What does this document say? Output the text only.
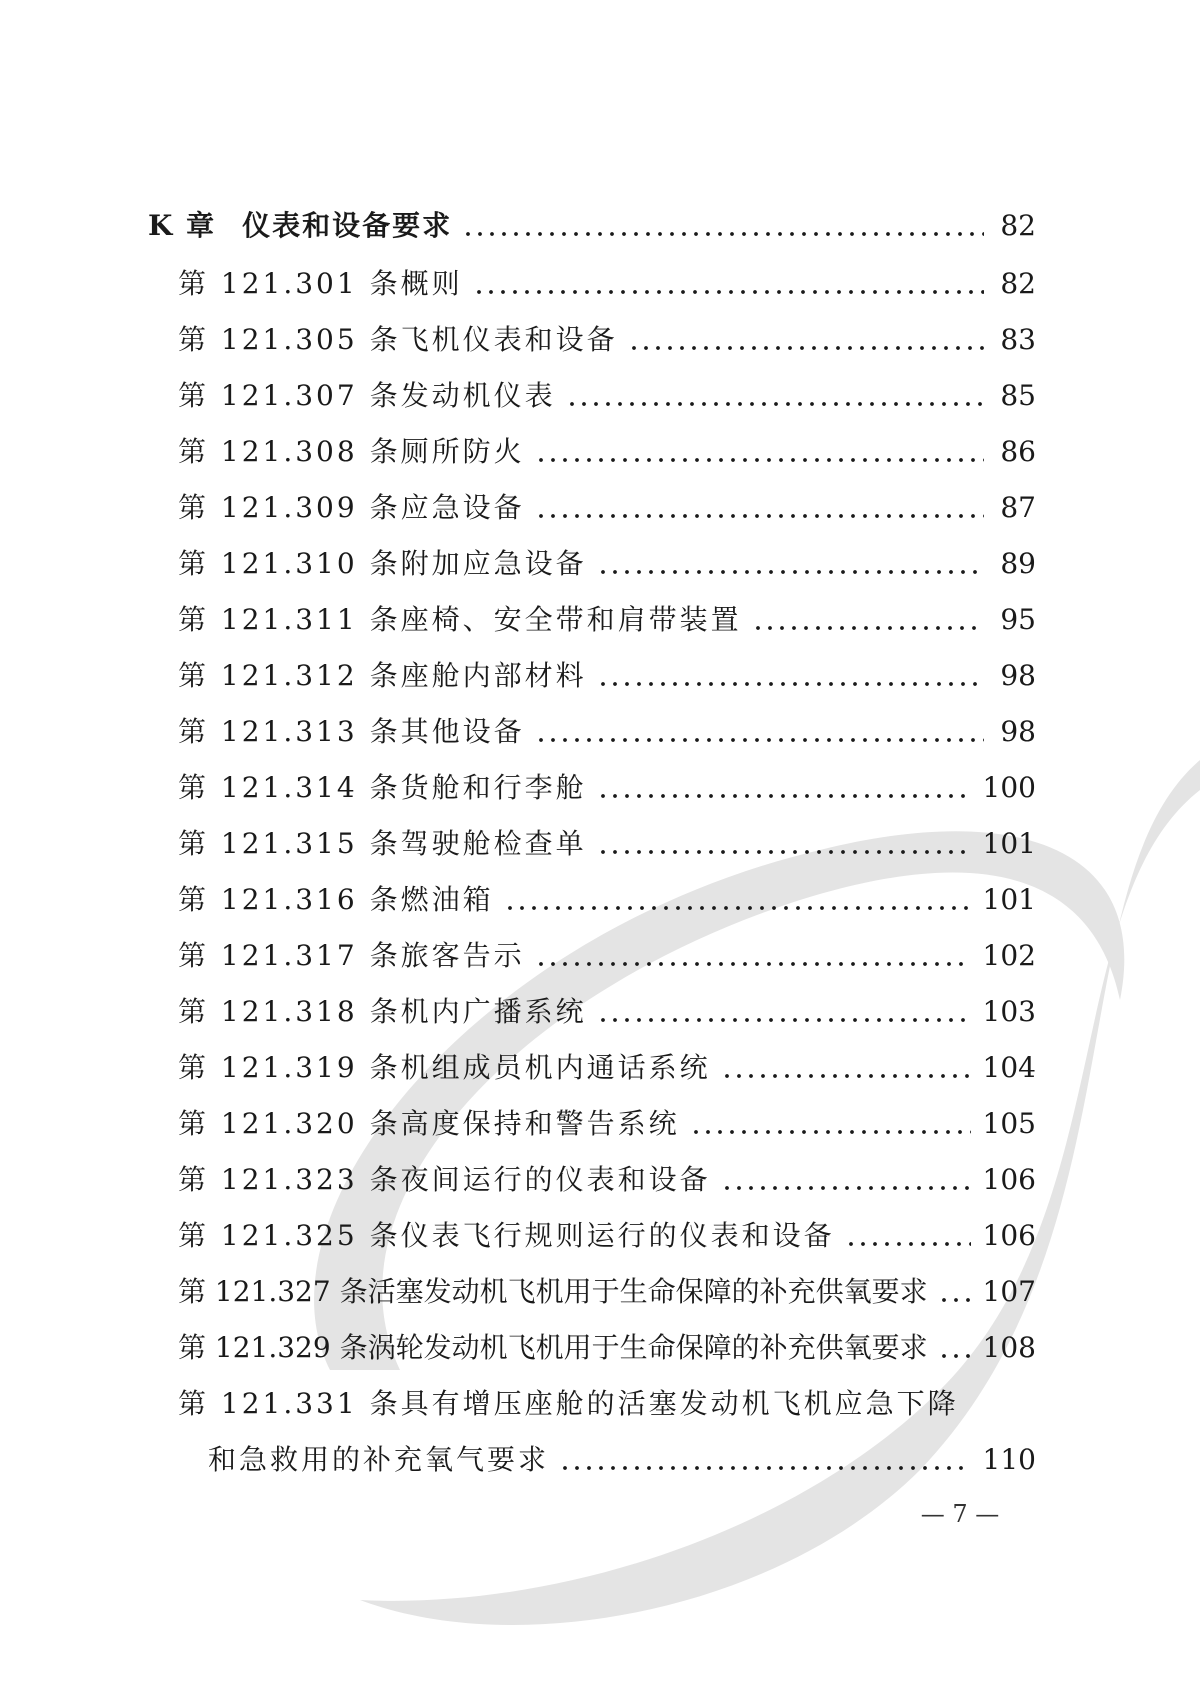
K 章 仪表和设备要求	82
第 121.301 条概则	82
第 121.305 条飞机仪表和设备	83
第 121.307 条发动机仪表	85
第 121.308 条厕所防火	86
第 121.309 条应急设备	87
第 121.310 条附加应急设备	89
第 121.311 条座椅、安全带和肩带装置	95
第 121.312 条座舱内部材料	98
第 121.313 条其他设备	98
第 121.314 条货舱和行李舱	100
第 121.315 条驾驶舱检查单	101
第 121.316 条燃油箱	101
第 121.317 条旅客告示	102
第 121.318 条机内广播系统	103
第 121.319 条机组成员机内通话系统	104
第 121.320 条高度保持和警告系统	105
第 121.323 条夜间运行的仪表和设备	106
第 121.325 条仪表飞行规则运行的仪表和设备	106
第 121.327 条活塞发动机飞机用于生命保障的补充供氧要求 107
第 121.329 条涡轮发动机飞机用于生命保障的补充供氧要求 108
第 121.331 条具有增压座舱的活塞发动机飞机应急下降
和急救用的补充氧气要求	110
— 7 —
